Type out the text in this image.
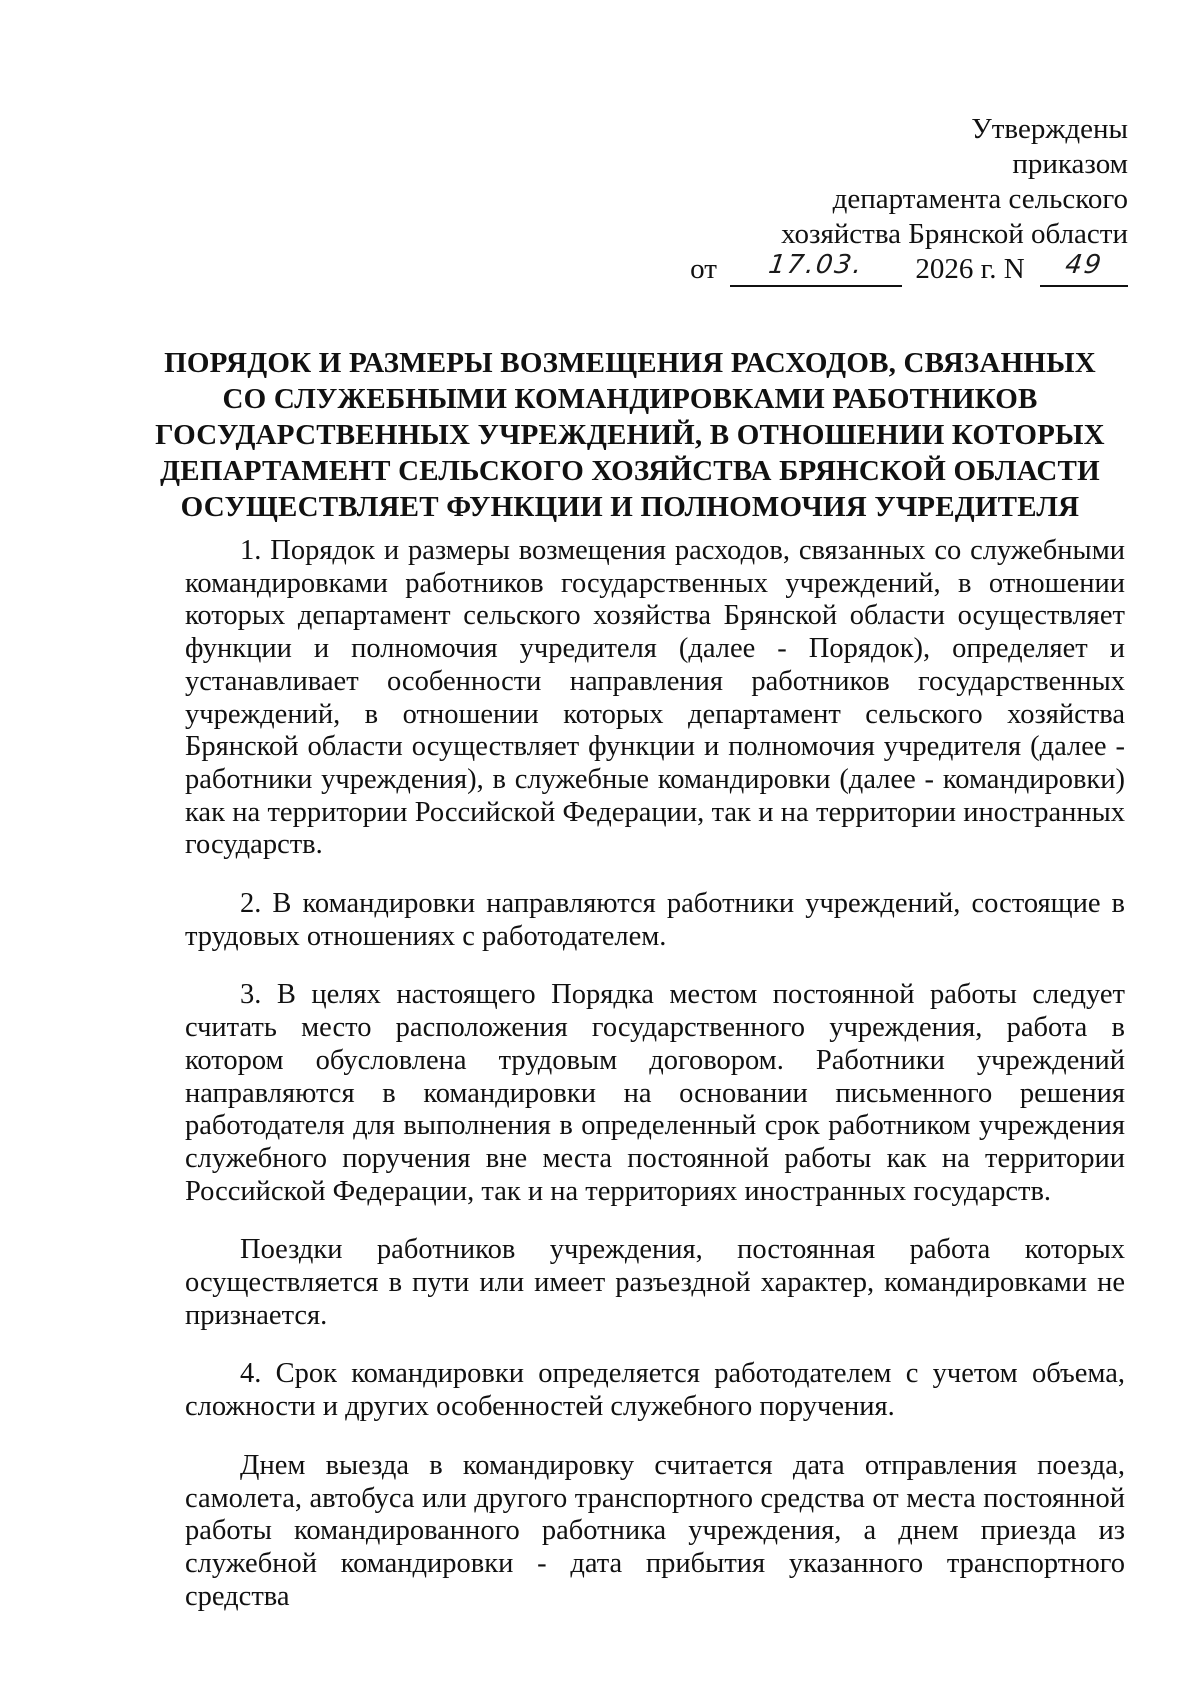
Утверждены
приказом
департамента сельского
хозяйства Брянской области
от	17.03.	2026 г. N	49
ПОРЯДОК И РАЗМЕРЫ ВОЗМЕЩЕНИЯ РАСХОДОВ, СВЯЗАННЫХ
СО СЛУЖЕБНЫМИ КОМАНДИРОВКАМИ РАБОТНИКОВ
ГОСУДАРСТВЕННЫХ УЧРЕЖДЕНИЙ, В ОТНОШЕНИИ КОТОРЫХ
ДЕПАРТАМЕНТ СЕЛЬСКОГО ХОЗЯЙСТВА БРЯНСКОЙ ОБЛАСТИ
ОСУЩЕСТВЛЯЕТ ФУНКЦИИ И ПОЛНОМОЧИЯ УЧРЕДИТЕЛЯ

1. Порядок и размеры возмещения расходов, связанных со служебными командировками работников государственных учреждений, в отношении которых департамент сельского хозяйства Брянской области осуществляет функции и полномочия учредителя (далее - Порядок), определяет и устанавливает особенности направления работников государственных учреждений, в отношении которых департамент сельского хозяйства Брянской области осуществляет функции и полномочия учредителя (далее - работники учреждения), в служебные командировки (далее - командировки) как на территории Российской Федерации, так и на территории иностранных государств.

2. В командировки направляются работники учреждений, состоящие в трудовых отношениях с работодателем.

3. В целях настоящего Порядка местом постоянной работы следует считать место расположения государственного учреждения, работа в котором обусловлена трудовым договором. Работники учреждений направляются в командировки на основании письменного решения работодателя для выполнения в определенный срок работником учреждения служебного поручения вне места постоянной работы как на территории Российской Федерации, так и на территориях иностранных государств.

Поездки работников учреждения, постоянная работа которых осуществляется в пути или имеет разъездной характер, командировками не признается.

4. Срок командировки определяется работодателем с учетом объема, сложности и других особенностей служебного поручения.

Днем выезда в командировку считается дата отправления поезда, самолета, автобуса или другого транспортного средства от места постоянной работы командированного работника учреждения, а днем приезда из служебной командировки - дата прибытия указанного транспортного средства
